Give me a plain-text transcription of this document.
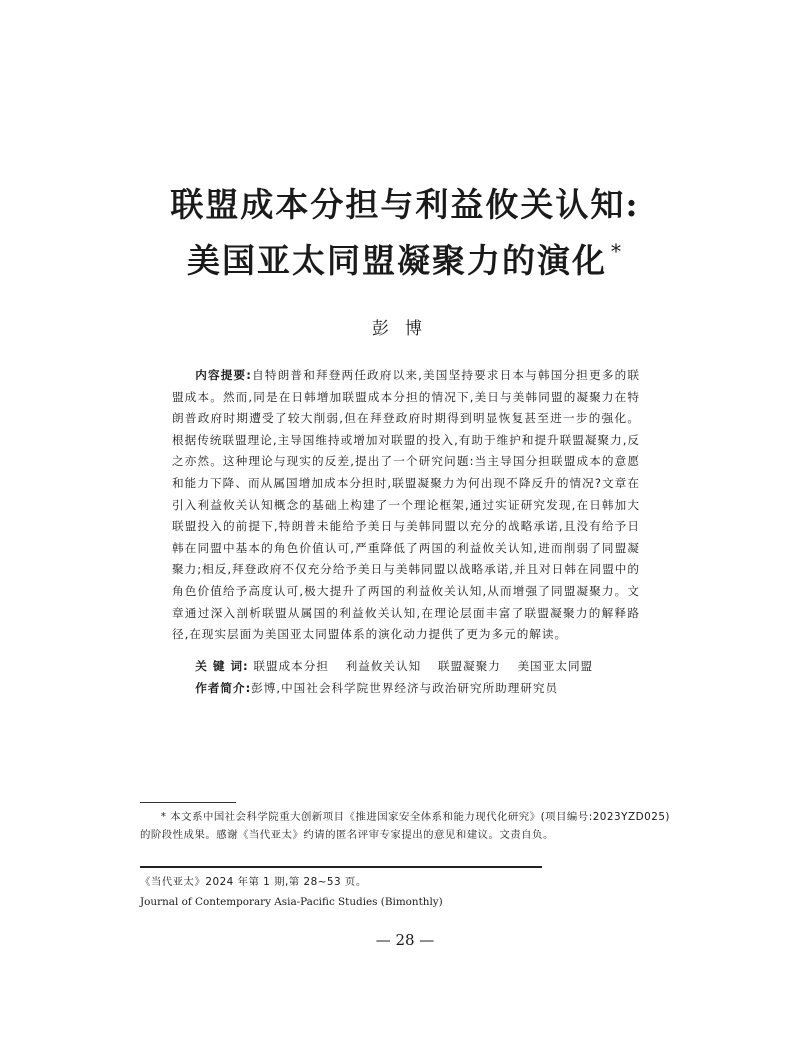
联盟成本分担与利益攸关认知:
美国亚太同盟凝聚力的演化 *
彭博
内容提要:自特朗普和拜登两任政府以来,美国坚持要求日本与韩国分担更多的联盟成本。然而,同是在日韩增加联盟成本分担的情况下,美日与美韩同盟的凝聚力在特朗普政府时期遭受了较大削弱,但在拜登政府时期得到明显恢复甚至进一步的强化。根据传统联盟理论,主导国维持或增加对联盟的投入,有助于维护和提升联盟凝聚力,反之亦然。这种理论与现实的反差,提出了一个研究问题:当主导国分担联盟成本的意愿和能力下降、而从属国增加成本分担时,联盟凝聚力为何出现不降反升的情况?文章在引入利益攸关认知概念的基础上构建了一个理论框架,通过实证研究发现,在日韩加大联盟投入的前提下,特朗普未能给予美日与美韩同盟以充分的战略承诺,且没有给予日韩在同盟中基本的角色价值认可,严重降低了两国的利益攸关认知,进而削弱了同盟凝聚力;相反,拜登政府不仅充分给予美日与美韩同盟以战略承诺,并且对日韩在同盟中的角色价值给予高度认可,极大提升了两国的利益攸关认知,从而增强了同盟凝聚力。文章通过深入剖析联盟从属国的利益攸关认知,在理论层面丰富了联盟凝聚力的解释路径,在现实层面为美国亚太同盟体系的演化动力提供了更为多元的解读。
关 键 词: 联盟成本分担 利益攸关认知 联盟凝聚力 美国亚太同盟
作者简介:彭博,中国社会科学院世界经济与政治研究所助理研究员
* 本文系中国社会科学院重大创新项目《推进国家安全体系和能力现代化研究》(项目编号:2023YZD025)的阶段性成果。感谢《当代亚太》约请的匿名评审专家提出的意见和建议。文责自负。
《当代亚太》2024 年第 1 期,第 28~53 页。
Journal of Contemporary Asia-Pacific Studies (Bimonthly)
— 28 —
